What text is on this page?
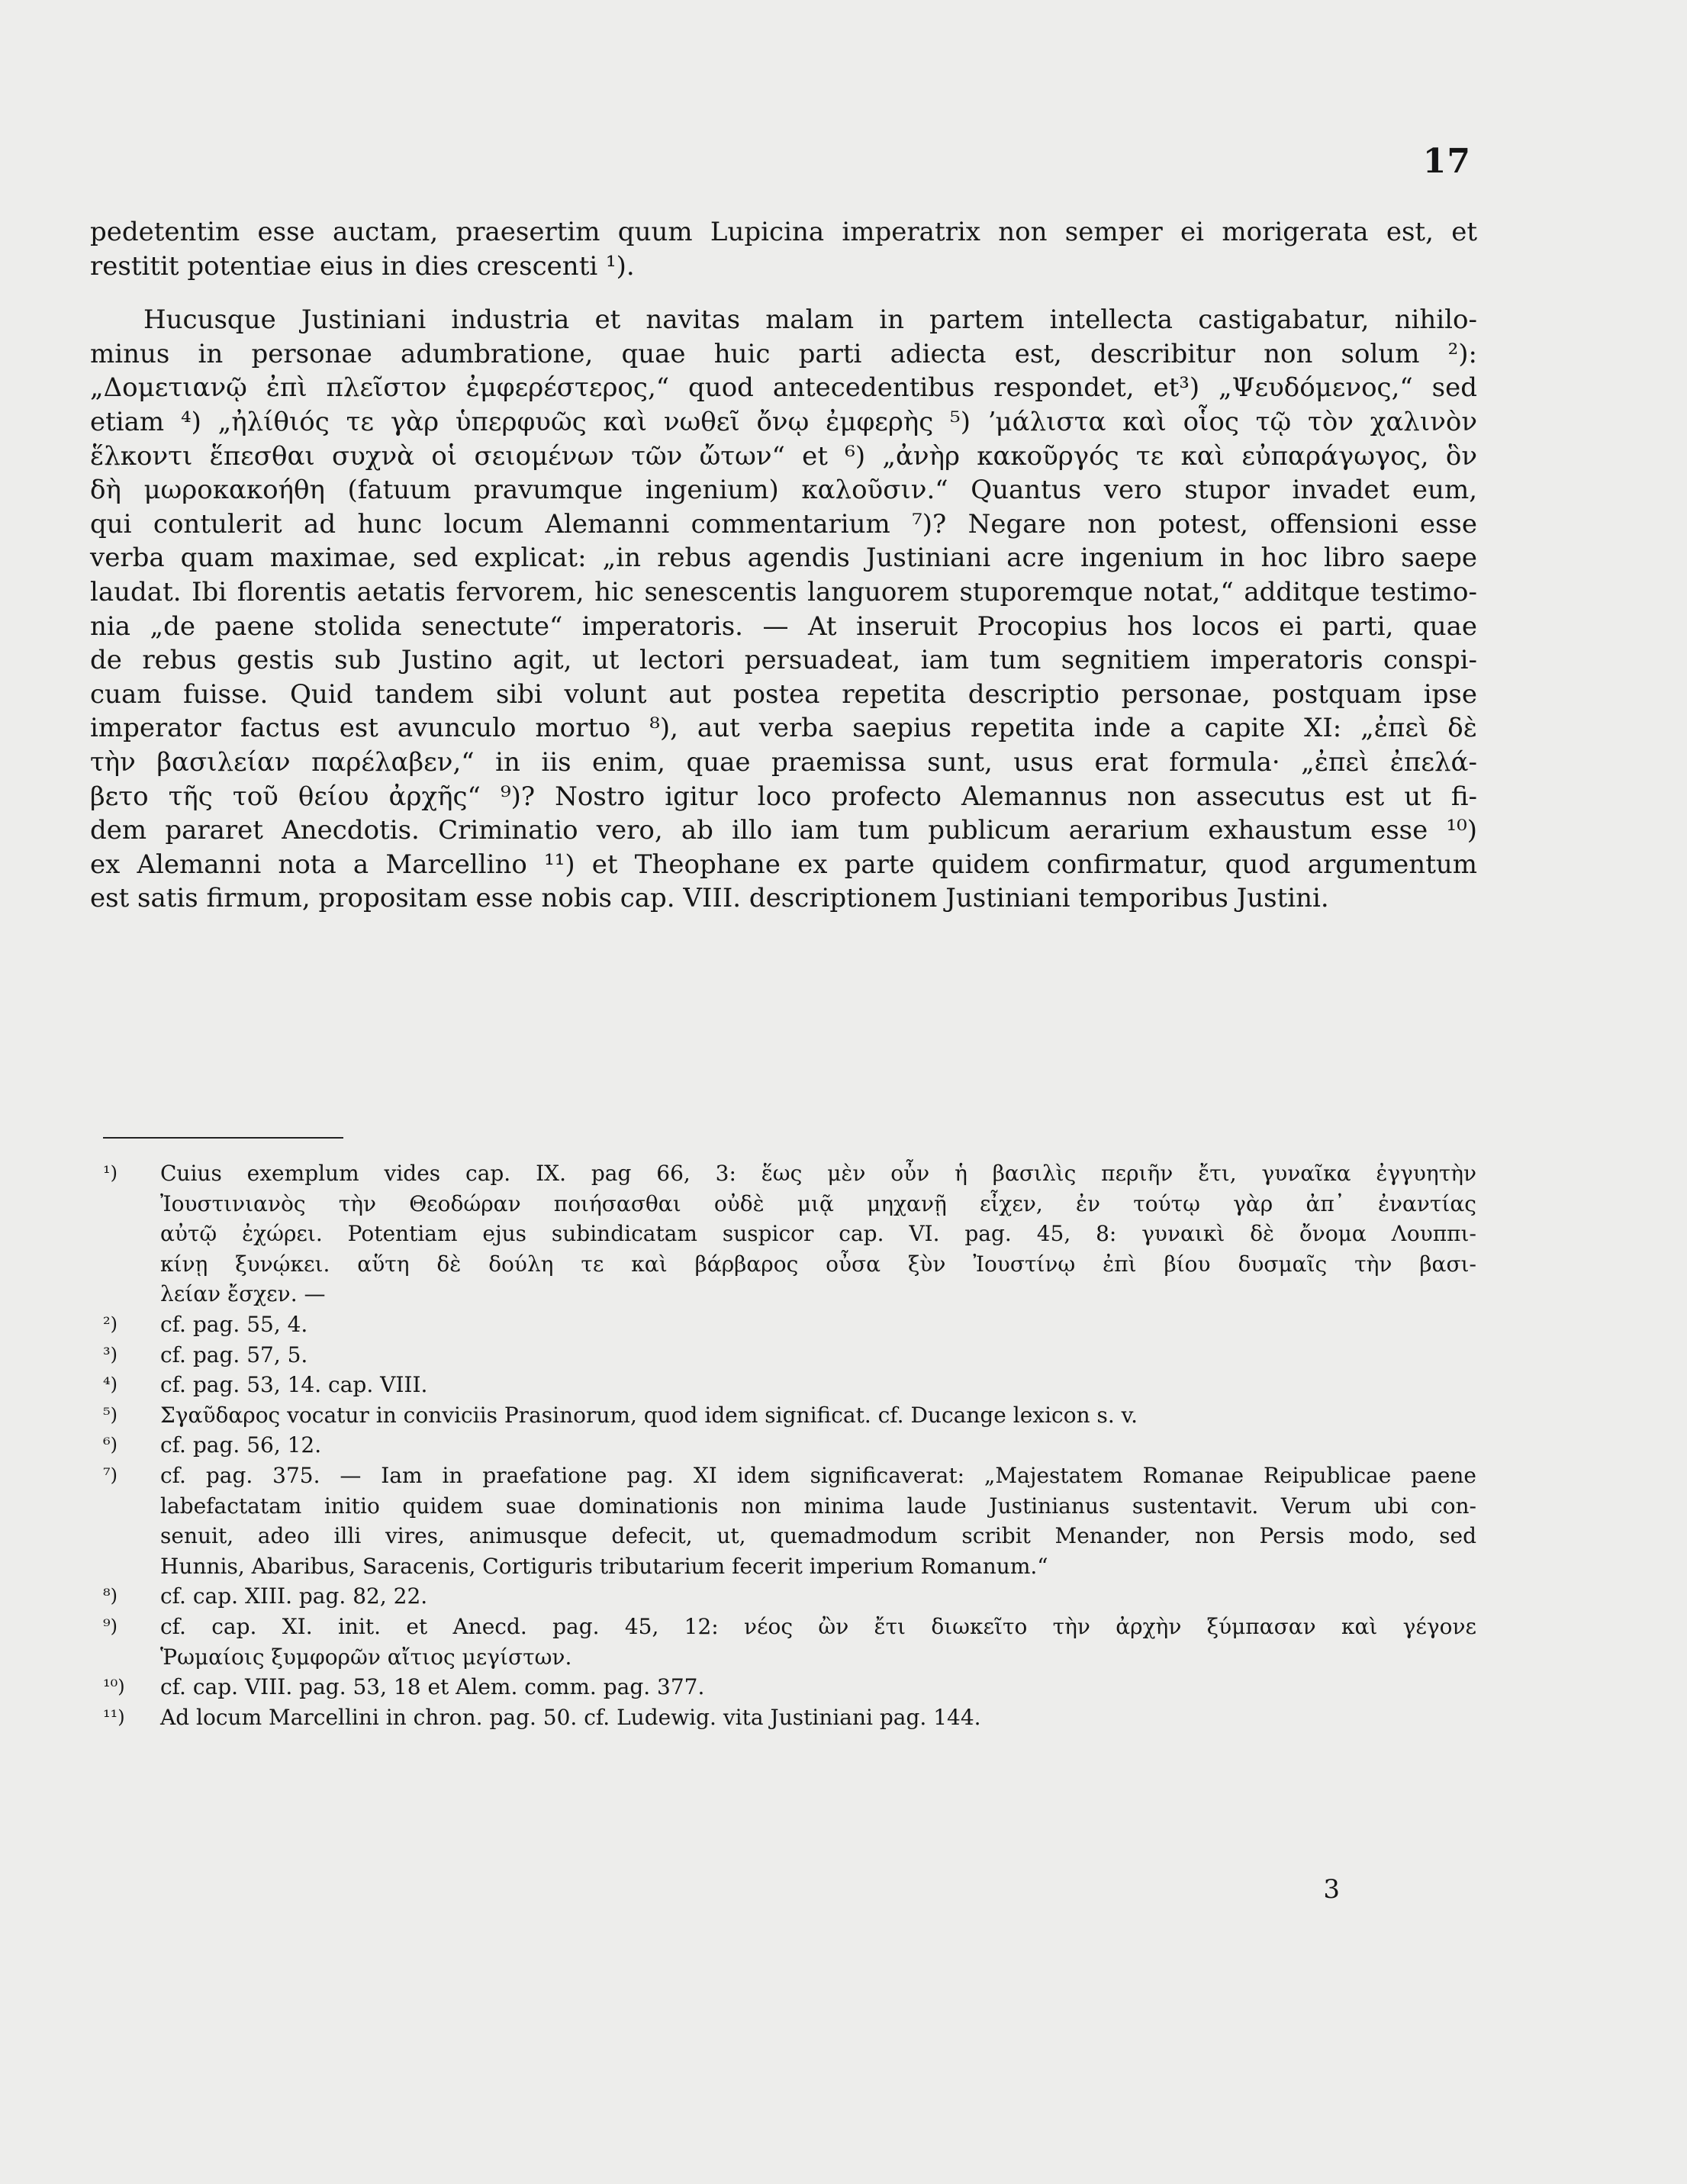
17

pedetentim esse auctam, praesertim quum Lupicina imperatrix non semper ei morigerata est, et

restitit potentiae eius in dies crescenti ¹).

Hucusque Justiniani industria et navitas malam in partem intellecta castigabatur, nihilo-

minus in personae adumbratione, quae huic parti adiecta est, describitur non solum ²):

„Δομετιανῷ ἐπὶ πλεῖστον ἐμφερέστερος,“ quod antecedentibus respondet, et³) „Ψευδόμενος,“ sed

etiam ⁴) „ἠλίθιός τε γὰρ ὑπερφυῶς καὶ νωθεῖ ὄνῳ ἐμφερὴς ⁵) ʼμάλιστα καὶ οἷος τῷ τὸν χαλινὸν

ἕλκοντι ἕπεσθαι συχνὰ οἱ σειομένων τῶν ὤτων“ et ⁶) „ἀνὴρ κακοῦργός τε καὶ εὐπαράγωγος, ὃν

δὴ μωροκακοήθη (fatuum pravumque ingenium) καλοῦσιν.“ Quantus vero stupor invadet eum,

qui contulerit ad hunc locum Alemanni commentarium ⁷)? Negare non potest, offensioni esse

verba quam maximae, sed explicat: „in rebus agendis Justiniani acre ingenium in hoc libro saepe

laudat. Ibi florentis aetatis fervorem, hic senescentis languorem stuporemque notat,“ additque testimo-

nia „de paene stolida senectute“ imperatoris. — At inseruit Procopius hos locos ei parti, quae

de rebus gestis sub Justino agit, ut lectori persuadeat, iam tum segnitiem imperatoris conspi-

cuam fuisse. Quid tandem sibi volunt aut postea repetita descriptio personae, postquam ipse

imperator factus est avunculo mortuo ⁸), aut verba saepius repetita inde a capite XI: „ἐπεὶ δὲ

τὴν βασιλείαν παρέλαβεν,“ in iis enim, quae praemissa sunt, usus erat formula· „ἐπεὶ ἐπελά-

βετο τῆς τοῦ θείου ἀρχῆς“ ⁹)? Nostro igitur loco profecto Alemannus non assecutus est ut fi-

dem pararet Anecdotis. Criminatio vero, ab illo iam tum publicum aerarium exhaustum esse ¹⁰)

ex Alemanni nota a Marcellino ¹¹) et Theophane ex parte quidem confirmatur, quod argumentum

est satis firmum, propositam esse nobis cap. VIII. descriptionem Justiniani temporibus Justini.

¹)	Cuius exemplum vides cap. IX. pag 66, 3: ἕως μὲν οὖν ἡ βασιλὶς περιῆν ἔτι, γυναῖκα ἐγγυητὴν
Ἰουστινιανὸς τὴν Θεοδώραν ποιήσασθαι οὐδὲ μιᾷ μηχανῇ εἶχεν, ἐν τούτῳ γὰρ ἀπ᾽ ἐναντίας
αὐτῷ ἐχώρει. Potentiam ejus subindicatam suspicor cap. VI. pag. 45, 8: γυναικὶ δὲ ὄνομα Λουππι-
κίνῃ ξυνῴκει. αὕτη δὲ δούλη τε καὶ βάρβαρος οὖσα ξὺν Ἰουστίνῳ ἐπὶ βίου δυσμαῖς τὴν βασι-
λείαν ἔσχεν. —
²)	cf. pag. 55, 4.
³)	cf. pag. 57, 5.
⁴)	cf. pag. 53, 14. cap. VIII.
⁵)	Σγαῦδαρος vocatur in conviciis Prasinorum, quod idem significat. cf. Ducange lexicon s. v.
⁶)	cf. pag. 56, 12.
⁷)	cf. pag. 375. — Iam in praefatione pag. XI idem significaverat: „Majestatem Romanae Reipublicae paene
labefactatam initio quidem suae dominationis non minima laude Justinianus sustentavit. Verum ubi con-
senuit, adeo illi vires, animusque defecit, ut, quemadmodum scribit Menander, non Persis modo, sed
Hunnis, Abaribus, Saracenis, Cortiguris tributarium fecerit imperium Romanum.“
⁸)	cf. cap. XIII. pag. 82, 22.
⁹)	cf. cap. XI. init. et Anecd. pag. 45, 12: νέος ὢν ἔτι διωκεῖτο τὴν ἀρχὴν ξύμπασαν καὶ γέγονε
Ῥωμαίοις ξυμφορῶν αἴτιος μεγίστων.
¹⁰)	cf. cap. VIII. pag. 53, 18 et Alem. comm. pag. 377.
¹¹)	Ad locum Marcellini in chron. pag. 50. cf. Ludewig. vita Justiniani pag. 144.
3
